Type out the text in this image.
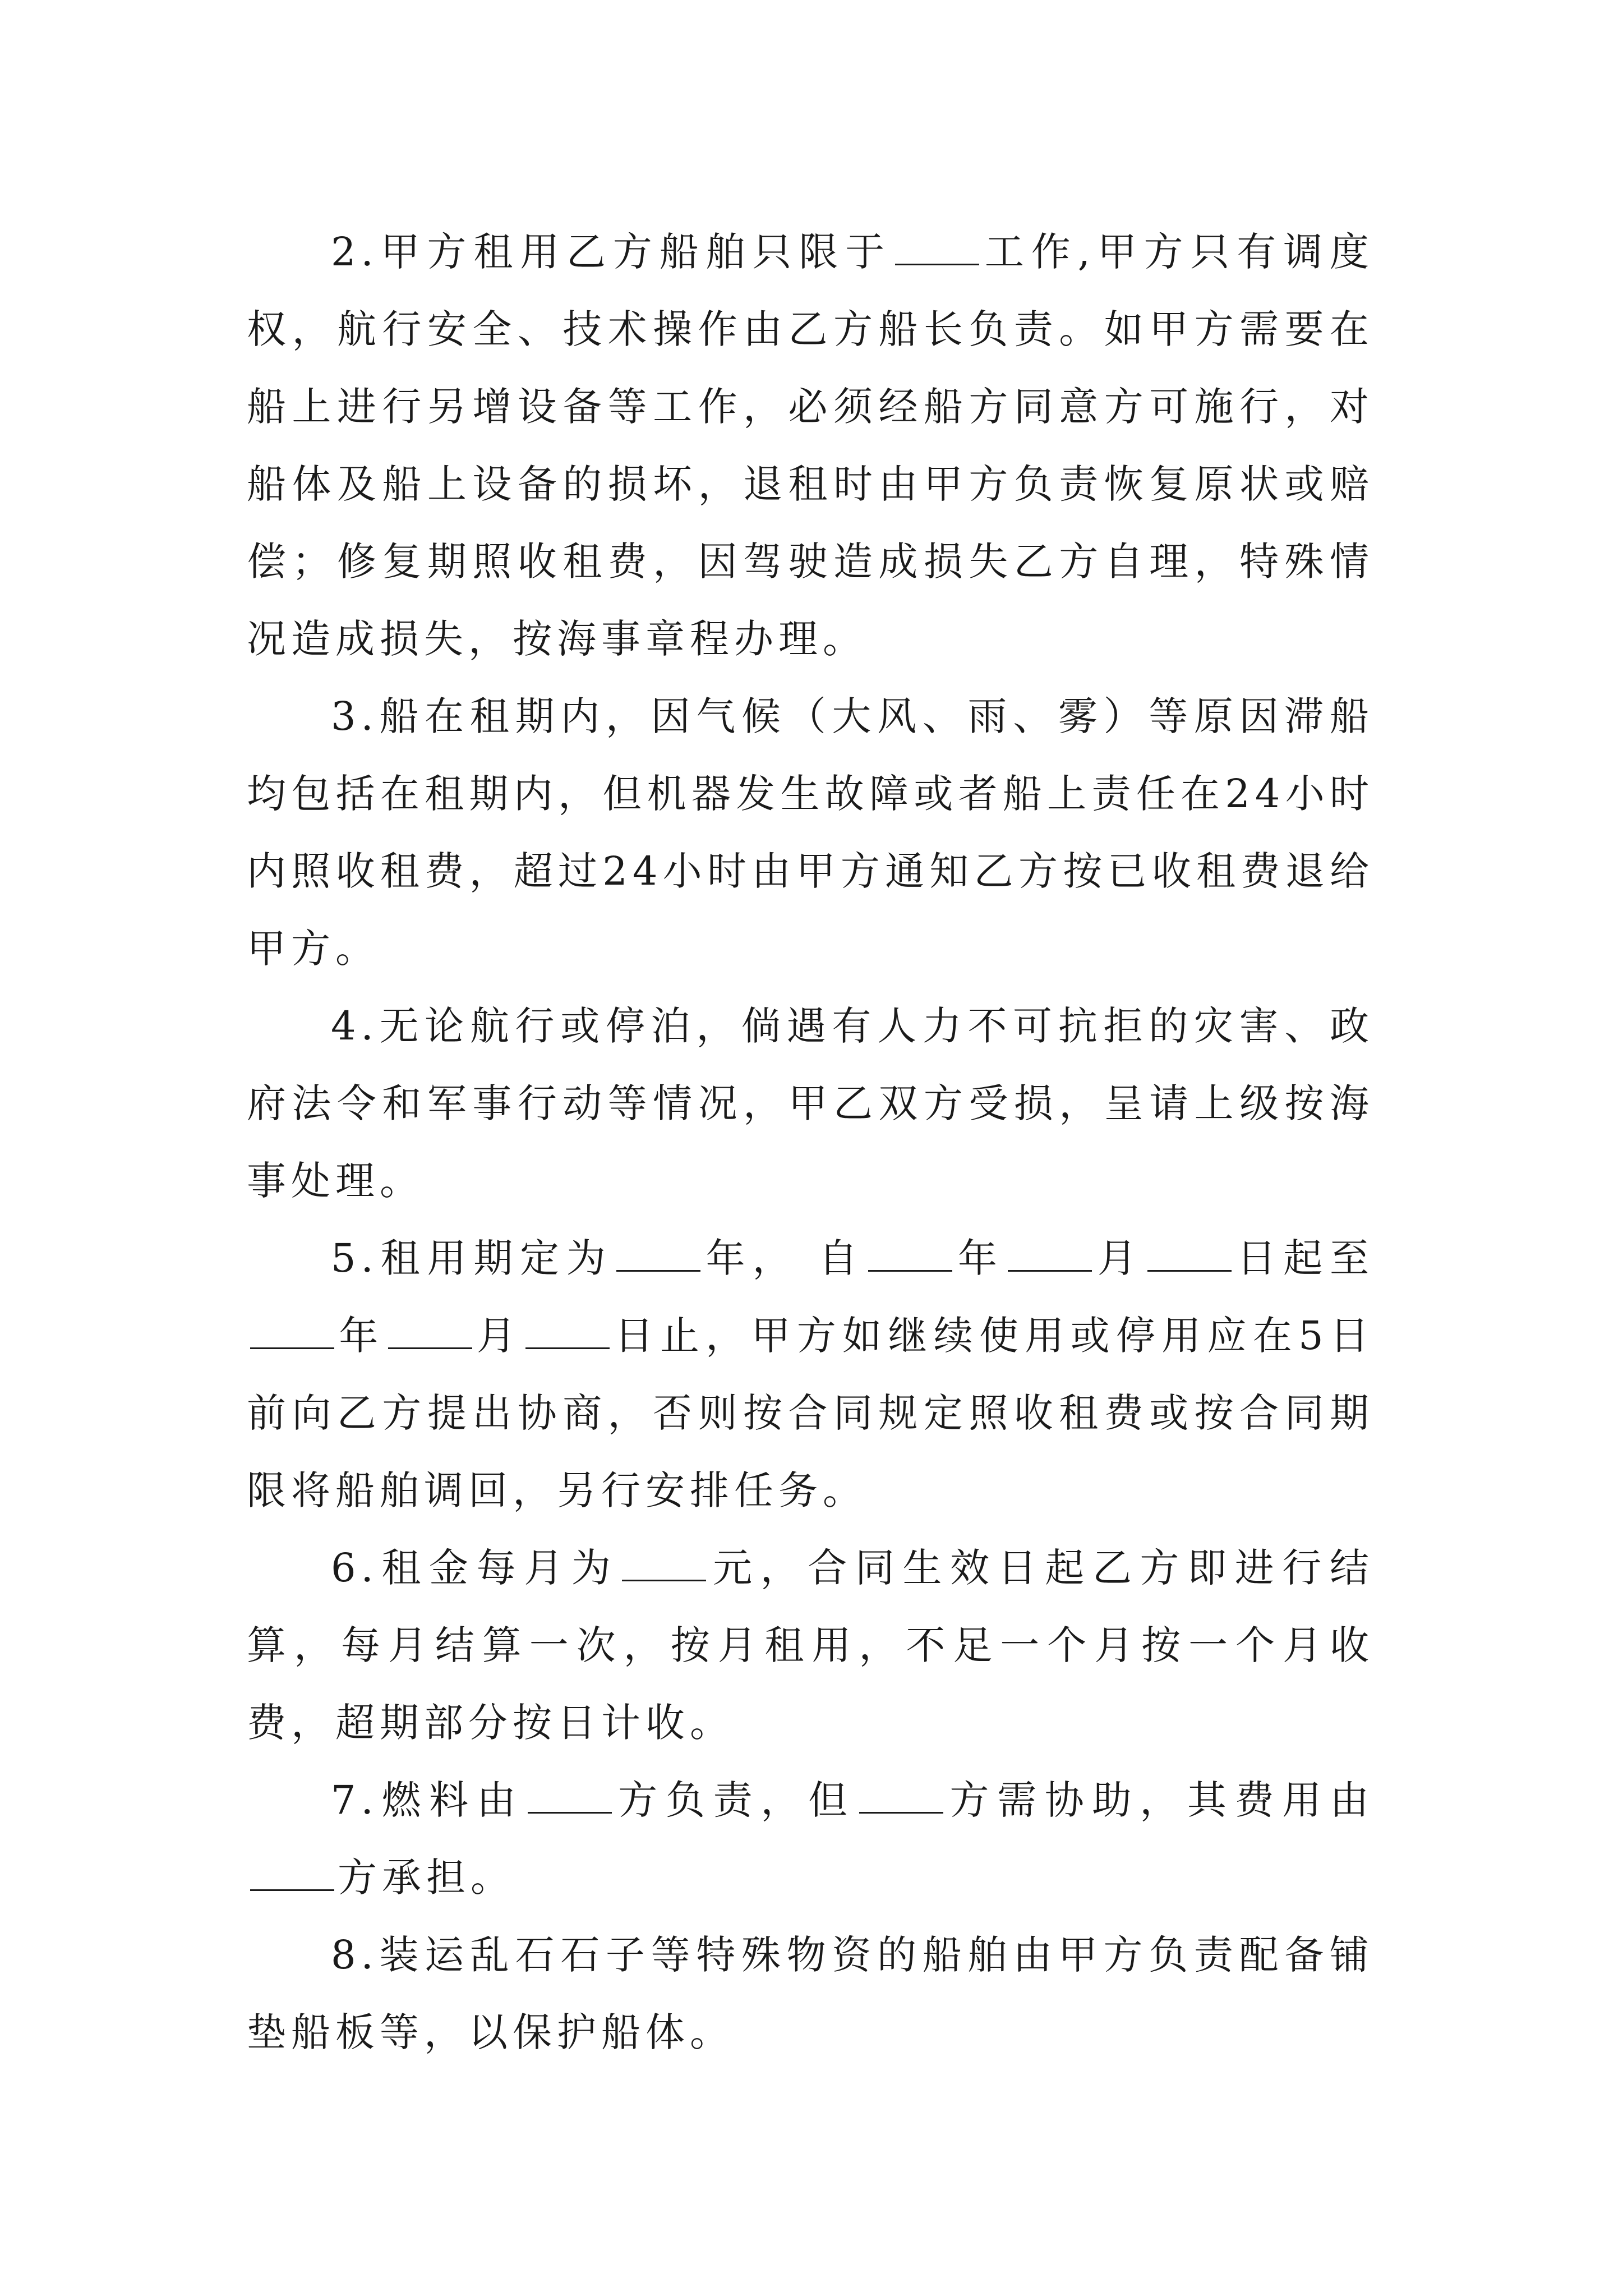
2.甲方租用乙方船舶只限于 工作,甲方只有调度权，航行安全、技术操作由乙方船长负责。如甲方需要在船上进行另增设备等工作，必须经船方同意方可施行，对船体及船上设备的损坏，退租时由甲方负责恢复原状或赔偿；修复期照收租费，因驾驶造成损失乙方自理，特殊情况造成损失，按海事章程办理。

3.船在租期内，因气候（大风、雨、雾）等原因滞船均包括在租期内，但机器发生故障或者船上责任在24小时内照收租费，超过24小时由甲方通知乙方按已收租费退给甲方。

4.无论航行或停泊，倘遇有人力不可抗拒的灾害、政府法令和军事行动等情况，甲乙双方受损，呈请上级按海事处理。

5.租用期定为 年， 自 年 月 日起至年 月 日止，甲方如继续使用或停用应在5日前向乙方提出协商，否则按合同规定照收租费或按合同期限将船舶调回，另行安排任务。

6.租金每月为 元，合同生效日起乙方即进行结算，每月结算一次，按月租用，不足一个月按一个月收费，超期部分按日计收。

7.燃料由 方负责，但 方需协助，其费用由方承担。

8.装运乱石石子等特殊物资的船舶由甲方负责配备铺垫船板等，以保护船体。
